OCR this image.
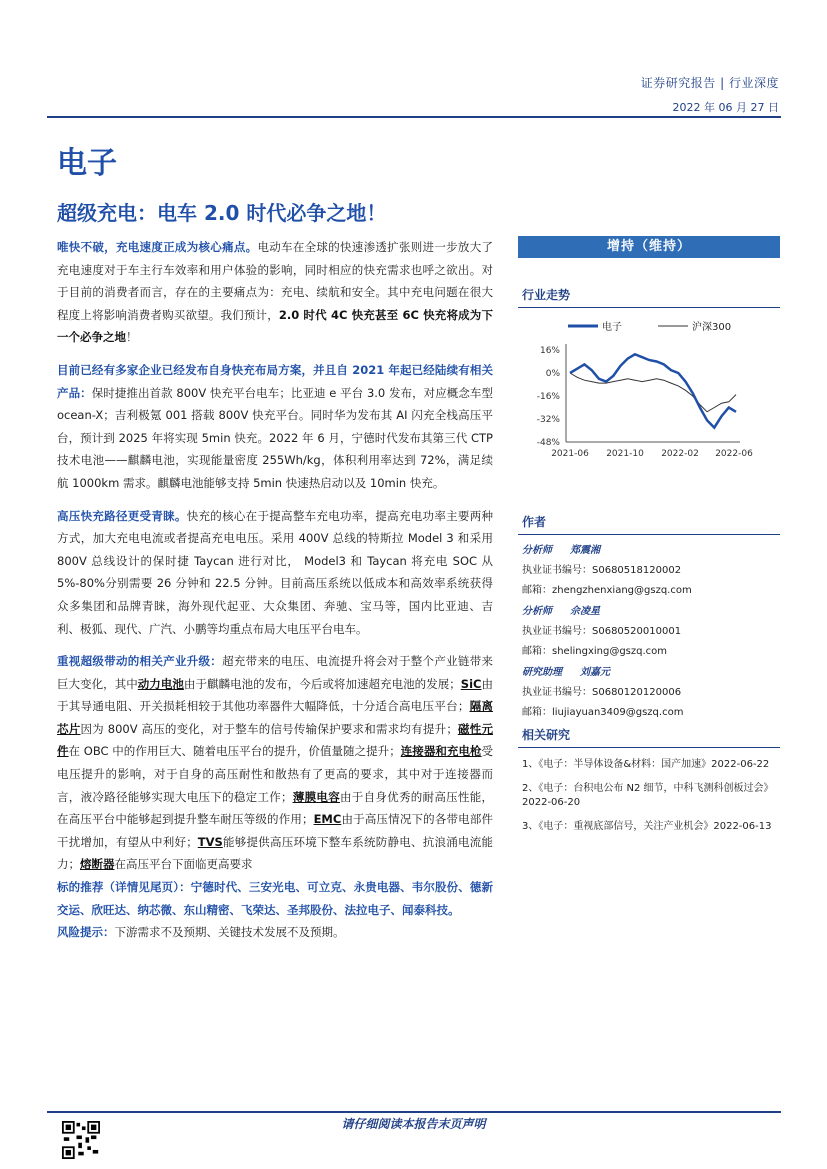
证券研究报告 | 行业深度
2022 年 06 月 27 日
电子
超级充电：电车 2.0 时代必争之地！

唯快不破，充电速度正成为核心痛点。电动车在全球的快速渗透扩张则进一步放大了充电速度对于车主行车效率和用户体验的影响，同时相应的快充需求也呼之欲出。对于目前的消费者而言，存在的主要痛点为：充电、续航和安全。其中充电问题在很大程度上将影响消费者购买欲望。我们预计，2.0 时代 4C 快充甚至 6C 快充将成为下一个必争之地！

目前已经有多家企业已经发布自身快充布局方案，并且自 2021 年起已经陆续有相关产品：保时捷推出首款 800V 快充平台电车；比亚迪 e 平台 3.0 发布，对应概念车型 ocean-X；吉利极氪 001 搭载 800V 快充平台。同时华为发布其 AI 闪充全栈高压平台，预计到 2025 年将实现 5min 快充。2022 年 6 月，宁德时代发布其第三代 CTP 技术电池——麒麟电池，实现能量密度 255Wh/kg，体积利用率达到 72%，满足续航 1000km 需求。麒麟电池能够支持 5min 快速热启动以及 10min 快充。

高压快充路径更受青睐。快充的核心在于提高整车充电功率，提高充电功率主要两种方式，加大充电电流或者提高充电电压。采用 400V 总线的特斯拉 Model 3 和采用 800V 总线设计的保时捷 Taycan 进行对比， Model3 和 Taycan 将充电 SOC 从 5%-80%分别需要 26 分钟和 22.5 分钟。目前高压系统以低成本和高效率系统获得众多集团和品牌青睐，海外现代起亚、大众集团、奔驰、宝马等，国内比亚迪、吉利、极狐、现代、广汽、小鹏等均重点布局大电压平台电车。

重视超级带动的相关产业升级：超充带来的电压、电流提升将会对于整个产业链带来巨大变化，其中动力电池由于麒麟电池的发布，今后或将加速超充电池的发展；SiC由于其导通电阻、开关损耗相较于其他功率器件大幅降低，十分适合高电压平台；隔离芯片因为 800V 高压的变化，对于整车的信号传输保护要求和需求均有提升；磁性元件在 OBC 中的作用巨大、随着电压平台的提升，价值量随之提升；连接器和充电枪受电压提升的影响，对于自身的高压耐性和散热有了更高的要求，其中对于连接器而言，液冷路径能够实现大电压下的稳定工作；薄膜电容由于自身优秀的耐高压性能，在高压平台中能够起到提升整车耐压等级的作用；EMC由于高压情况下的各带电部件干扰增加，有望从中利好；TVS能够提供高压环境下整车系统防静电、抗浪涌电流能力；熔断器在高压平台下面临更高要求

标的推荐（详情见尾页）：宁德时代、三安光电、可立克、永贵电器、韦尔股份、德新交运、欣旺达、纳芯微、东山精密、飞荣达、圣邦股份、法拉电子、闻泰科技。

风险提示：下游需求不及预期、关键技术发展不及预期。

增持（维持）
行业走势
电子	沪深300
16%
0%
-16%
-32%
-48%
2021-06 2021-10 2022-02 2022-06
作者
分析师 郑震湘
执业证书编号：S0680518120002
邮箱：zhengzhenxiang@gszq.com
分析师 佘凌星
执业证书编号：S0680520010001
邮箱：shelingxing@gszq.com
研究助理 刘嘉元
执业证书编号：S0680120120006
邮箱：liujiayuan3409@gszq.com
相关研究
1、《电子：半导体设备&材料：国产加速》2022-06-22
2、《电子：台积电公布 N2 细节，中科飞测科创板过会》2022-06-20
3、《电子：重视底部信号，关注产业机会》2022-06-13
请仔细阅读本报告末页声明
